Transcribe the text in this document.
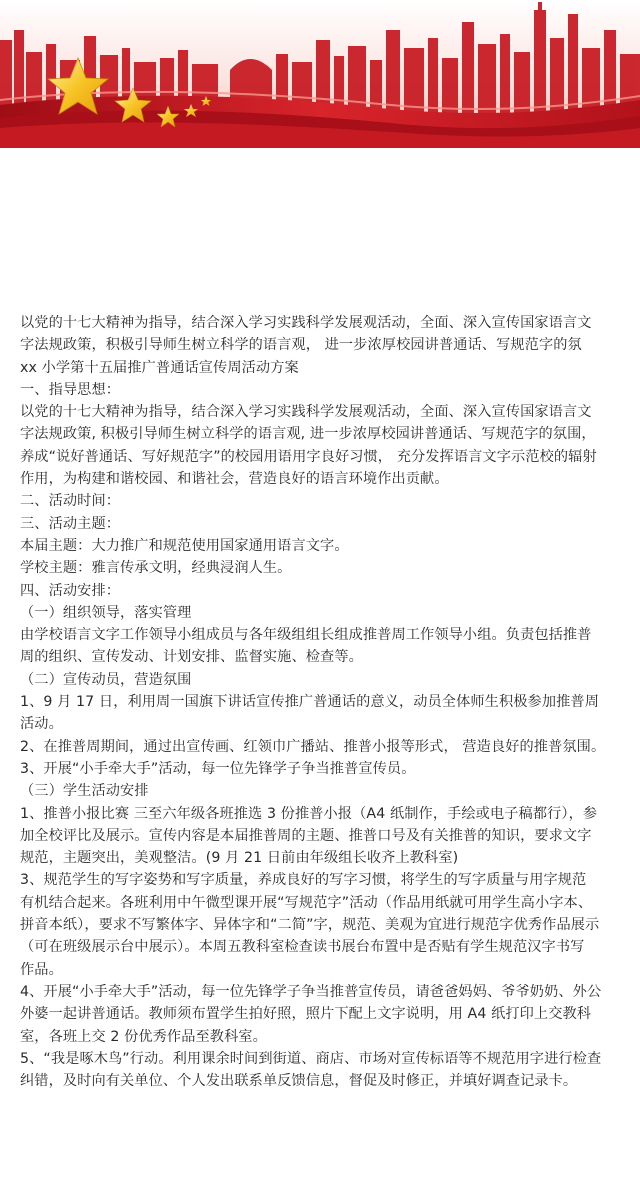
以党的十七大精神为指导，结合深入学习实践科学发展观活动，全面、深入宣传国家语言文
字法规政策，积极引导师生树立科学的语言观， 进一步浓厚校园讲普通话、写规范字的氛
xx 小学第十五届推广普通话宣传周活动方案
一、指导思想：
以党的十七大精神为指导，结合深入学习实践科学发展观活动，全面、深入宣传国家语言文
字法规政策, 积极引导师生树立科学的语言观, 进一步浓厚校园讲普通话、写规范字的氛围，
养成“说好普通话、写好规范字”的校园用语用字良好习惯， 充分发挥语言文字示范校的辐射
作用，为构建和谐校园、和谐社会，营造良好的语言环境作出贡献。
二、活动时间：
三、活动主题：
本届主题：大力推广和规范使用国家通用语言文字。
学校主题：雅言传承文明，经典浸润人生。
四、活动安排：
（一）组织领导，落实管理
由学校语言文字工作领导小组成员与各年级组组长组成推普周工作领导小组。负责包括推普
周的组织、宣传发动、计划安排、监督实施、检查等。
（二）宣传动员，营造氛围
1、9 月 17 日，利用周一国旗下讲话宣传推广普通话的意义，动员全体师生积极参加推普周
活动。
2、在推普周期间，通过出宣传画、红领巾广播站、推普小报等形式， 营造良好的推普氛围。
3、开展“小手牵大手”活动，每一位先锋学子争当推普宣传员。
（三）学生活动安排
1、推普小报比赛 三至六年级各班推选 3 份推普小报（A4 纸制作，手绘或电子稿都行），参
加全校评比及展示。宣传内容是本届推普周的主题、推普口号及有关推普的知识，要求文字
规范，主题突出，美观整洁。(9 月 21 日前由年级组长收齐上教科室)
3、规范学生的写字姿势和写字质量，养成良好的写字习惯，将学生的写字质量与用字规范
有机结合起来。各班利用中午微型课开展“写规范字”活动（作品用纸就可用学生高小字本、
拼音本纸），要求不写繁体字、异体字和“二简”字，规范、美观为宜进行规范字优秀作品展示
（可在班级展示台中展示）。本周五教科室检查读书展台布置中是否贴有学生规范汉字书写
作品。
4、开展“小手牵大手”活动，每一位先锋学子争当推普宣传员，请爸爸妈妈、爷爷奶奶、外公
外婆一起讲普通话。教师须布置学生拍好照，照片下配上文字说明，用 A4 纸打印上交教科
室，各班上交 2 份优秀作品至教科室。
5、“我是啄木鸟”行动。利用课余时间到街道、商店、市场对宣传标语等不规范用字进行检查
纠错，及时向有关单位、个人发出联系单反馈信息，督促及时修正，并填好调查记录卡。
